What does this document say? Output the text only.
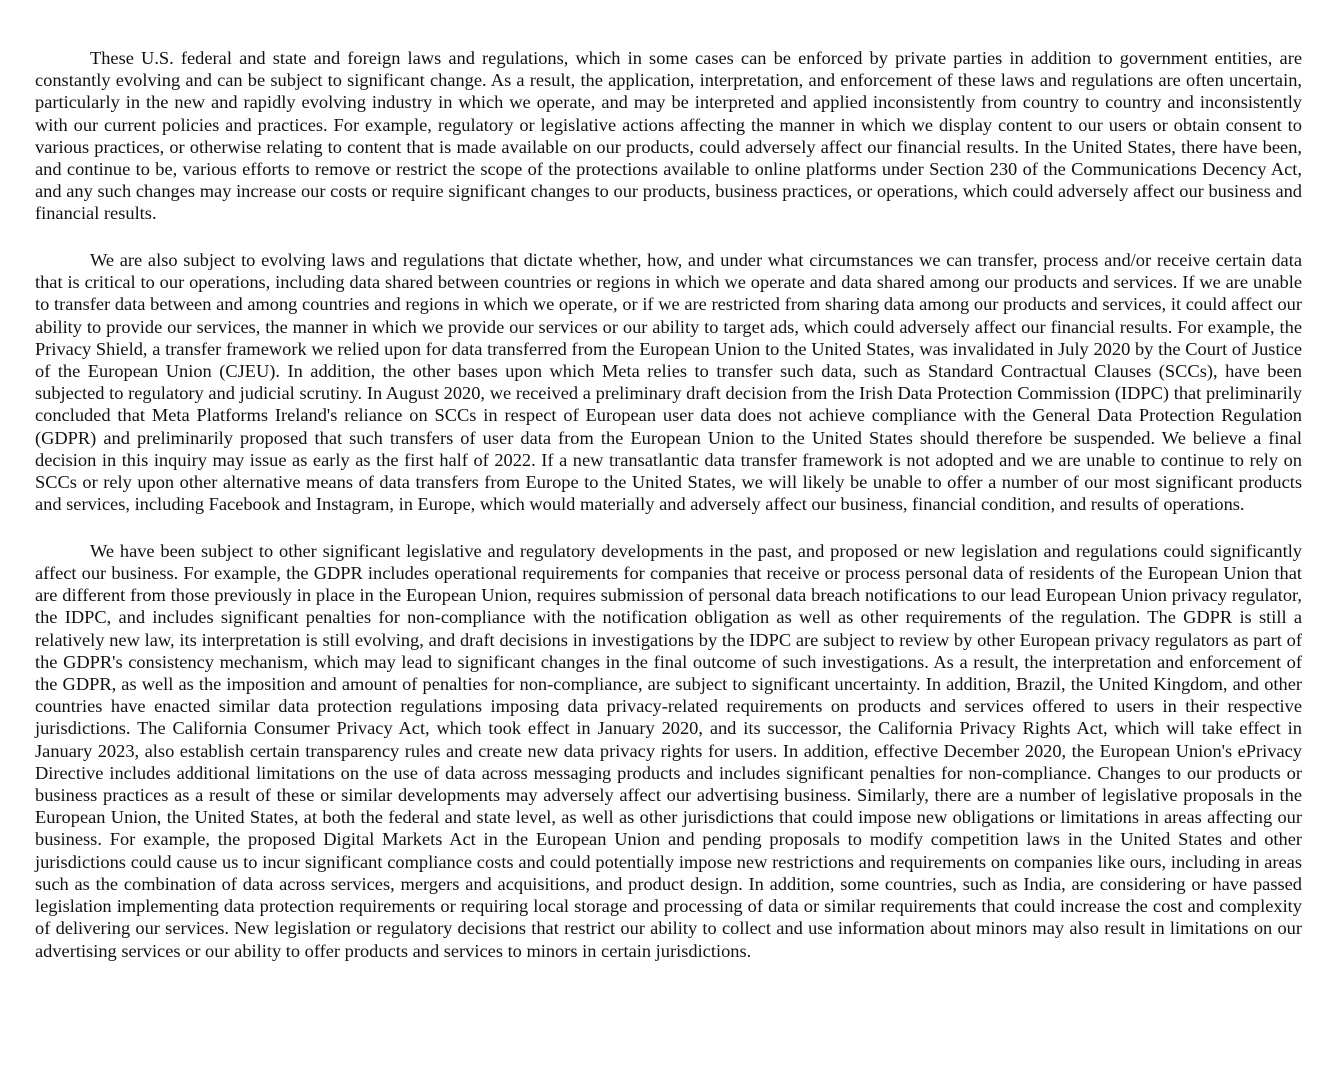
These U.S. federal and state and foreign laws and regulations, which in some cases can be enforced by private parties in addition to government entities, are constantly evolving and can be subject to significant change. As a result, the application, interpretation, and enforcement of these laws and regulations are often uncertain, particularly in the new and rapidly evolving industry in which we operate, and may be interpreted and applied inconsistently from country to country and inconsistently with our current policies and practices. For example, regulatory or legislative actions affecting the manner in which we display content to our users or obtain consent to various practices, or otherwise relating to content that is made available on our products, could adversely affect our financial results. In the United States, there have been, and continue to be, various efforts to remove or restrict the scope of the protections available to online platforms under Section 230 of the Communications Decency Act, and any such changes may increase our costs or require significant changes to our products, business practices, or operations, which could adversely affect our business and financial results.

We are also subject to evolving laws and regulations that dictate whether, how, and under what circumstances we can transfer, process and/or receive certain data that is critical to our operations, including data shared between countries or regions in which we operate and data shared among our products and services. If we are unable to transfer data between and among countries and regions in which we operate, or if we are restricted from sharing data among our products and services, it could affect our ability to provide our services, the manner in which we provide our services or our ability to target ads, which could adversely affect our financial results. For example, the Privacy Shield, a transfer framework we relied upon for data transferred from the European Union to the United States, was invalidated in July 2020 by the Court of Justice of the European Union (CJEU). In addition, the other bases upon which Meta relies to transfer such data, such as Standard Contractual Clauses (SCCs), have been subjected to regulatory and judicial scrutiny. In August 2020, we received a preliminary draft decision from the Irish Data Protection Commission (IDPC) that preliminarily concluded that Meta Platforms Ireland's reliance on SCCs in respect of European user data does not achieve compliance with the General Data Protection Regulation (GDPR) and preliminarily proposed that such transfers of user data from the European Union to the United States should therefore be suspended. We believe a final decision in this inquiry may issue as early as the first half of 2022. If a new transatlantic data transfer framework is not adopted and we are unable to continue to rely on SCCs or rely upon other alternative means of data transfers from Europe to the United States, we will likely be unable to offer a number of our most significant products and services, including Facebook and Instagram, in Europe, which would materially and adversely affect our business, financial condition, and results of operations.

We have been subject to other significant legislative and regulatory developments in the past, and proposed or new legislation and regulations could significantly affect our business. For example, the GDPR includes operational requirements for companies that receive or process personal data of residents of the European Union that are different from those previously in place in the European Union, requires submission of personal data breach notifications to our lead European Union privacy regulator, the IDPC, and includes significant penalties for non-compliance with the notification obligation as well as other requirements of the regulation. The GDPR is still a relatively new law, its interpretation is still evolving, and draft decisions in investigations by the IDPC are subject to review by other European privacy regulators as part of the GDPR's consistency mechanism, which may lead to significant changes in the final outcome of such investigations. As a result, the interpretation and enforcement of the GDPR, as well as the imposition and amount of penalties for non-compliance, are subject to significant uncertainty. In addition, Brazil, the United Kingdom, and other countries have enacted similar data protection regulations imposing data privacy-related requirements on products and services offered to users in their respective jurisdictions. The California Consumer Privacy Act, which took effect in January 2020, and its successor, the California Privacy Rights Act, which will take effect in January 2023, also establish certain transparency rules and create new data privacy rights for users. In addition, effective December 2020, the European Union's ePrivacy Directive includes additional limitations on the use of data across messaging products and includes significant penalties for non-compliance. Changes to our products or business practices as a result of these or similar developments may adversely affect our advertising business. Similarly, there are a number of legislative proposals in the European Union, the United States, at both the federal and state level, as well as other jurisdictions that could impose new obligations or limitations in areas affecting our business. For example, the proposed Digital Markets Act in the European Union and pending proposals to modify competition laws in the United States and other jurisdictions could cause us to incur significant compliance costs and could potentially impose new restrictions and requirements on companies like ours, including in areas such as the combination of data across services, mergers and acquisitions, and product design. In addition, some countries, such as India, are considering or have passed legislation implementing data protection requirements or requiring local storage and processing of data or similar requirements that could increase the cost and complexity of delivering our services. New legislation or regulatory decisions that restrict our ability to collect and use information about minors may also result in limitations on our advertising services or our ability to offer products and services to minors in certain jurisdictions.
